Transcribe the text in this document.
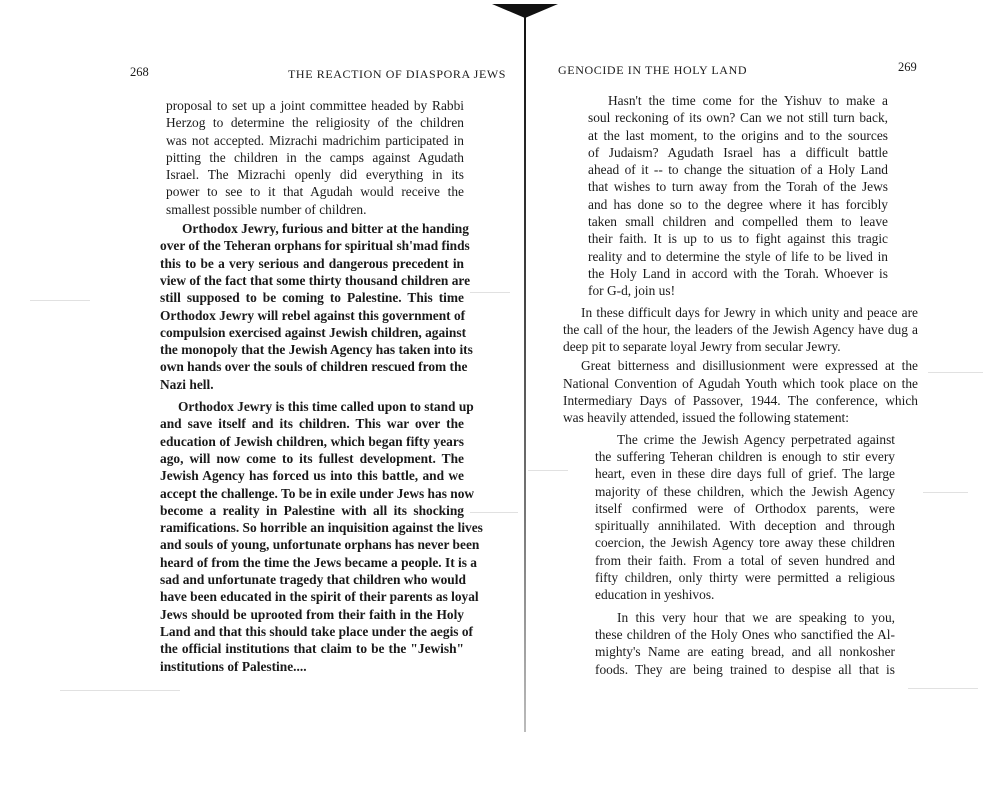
268	THE REACTION OF DIASPORA JEWS

proposal to set up a joint committee headed by Rabbi
Herzog to determine the religiosity of the children
was not accepted. Mizrachi madrichim participated in
pitting the children in the camps against Agudath
Israel. The Mizrachi openly did everything in its
power to see to it that Agudah would receive the
smallest possible number of children.

Orthodox Jewry, furious and bitter at the handing
over of the Teheran orphans for spiritual sh'mad finds
this to be a very serious and dangerous precedent in
view of the fact that some thirty thousand children are
still supposed to be coming to Palestine. This time
Orthodox Jewry will rebel against this government of
compulsion exercised against Jewish children, against
the monopoly that the Jewish Agency has taken into its
own hands over the souls of children rescued from the
Nazi hell.

Orthodox Jewry is this time called upon to stand up
and save itself and its children. This war over the
education of Jewish children, which began fifty years
ago, will now come to its fullest development. The
Jewish Agency has forced us into this battle, and we
accept the challenge. To be in exile under Jews has now
become a reality in Palestine with all its shocking
ramifications. So horrible an inquisition against the lives
and souls of young, unfortunate orphans has never been
heard of from the time the Jews became a people. It is a
sad and unfortunate tragedy that children who would
have been educated in the spirit of their parents as loyal
Jews should be uprooted from their faith in the Holy
Land and that this should take place under the aegis of
the official institutions that claim to be the "Jewish"
institutions of Palestine....

GENOCIDE IN THE HOLY LAND	269

Hasn't the time come for the Yishuv to make a
soul reckoning of its own? Can we not still turn back,
at the last moment, to the origins and to the sources
of Judaism? Agudath Israel has a difficult battle
ahead of it -- to change the situation of a Holy Land
that wishes to turn away from the Torah of the Jews
and has done so to the degree where it has forcibly
taken small children and compelled them to leave
their faith. It is up to us to fight against this tragic
reality and to determine the style of life to be lived in
the Holy Land in accord with the Torah. Whoever is
for G-d, join us!

In these difficult days for Jewry in which unity and peace are
the call of the hour, the leaders of the Jewish Agency have dug a
deep pit to separate loyal Jewry from secular Jewry.

Great bitterness and disillusionment were expressed at the
National Convention of Agudah Youth which took place on the
Intermediary Days of Passover, 1944. The conference, which
was heavily attended, issued the following statement:

The crime the Jewish Agency perpetrated against
the suffering Teheran children is enough to stir every
heart, even in these dire days full of grief. The large
majority of these children, which the Jewish Agency
itself confirmed were of Orthodox parents, were
spiritually annihilated. With deception and through
coercion, the Jewish Agency tore away these children
from their faith. From a total of seven hundred and
fifty children, only thirty were permitted a religious
education in yeshivos.

In this very hour that we are speaking to you,
these children of the Holy Ones who sanctified the Al-
mighty's Name are eating bread, and all nonkosher
foods. They are being trained to despise all that is
